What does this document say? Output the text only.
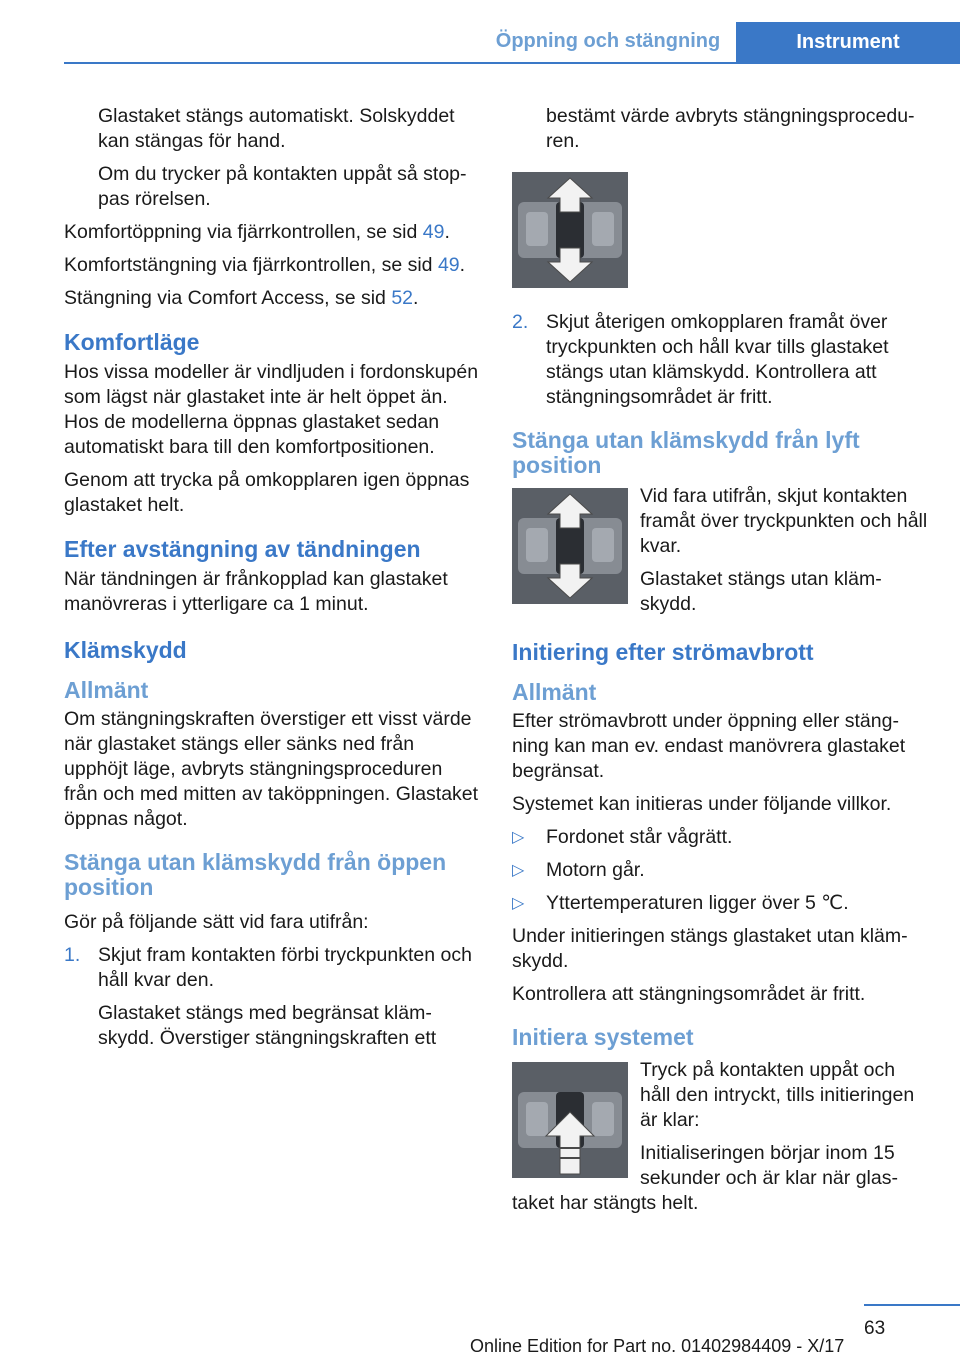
Öppning och stängning	Instrument

Glastaket stängs automatiskt. Solskyddet kan stängas för hand.

Om du trycker på kontakten uppåt så stoppas rörelsen.

Komfortöppning via fjärrkontrollen, se sid 49.

Komfortstängning via fjärrkontrollen, se sid 49.

Stängning via Comfort Access, se sid 52.

Komfortläge

Hos vissa modeller är vindljuden i fordonskupén som lägst när glastaket inte är helt öppet än. Hos de modellerna öppnas glastaket sedan automatiskt bara till den komfortpositionen.

Genom att trycka på omkopplaren igen öppnas glastaket helt.

Efter avstängning av tändningen

När tändningen är frånkopplad kan glastaket manövreras i ytterligare ca 1 minut.

Klämskydd
Allmänt

Om stängningskraften överstiger ett visst värde när glastaket stängs eller sänks ned från upphöjt läge, avbryts stängningsproceduren från och med mitten av taköppningen. Glastaket öppnas något.

Stänga utan klämskydd från öppen position

Gör på följande sätt vid fara utifrån:

1. Skjut fram kontakten förbi tryckpunkten och håll kvar den.

Glastaket stängs med begränsat klämskydd. Överstiger stängningskraften ett

bestämt värde avbryts stängningsproceduren.

2. Skjut återigen omkopplaren framåt över tryckpunkten och håll kvar tills glastaket stängs utan klämskydd. Kontrollera att stängningsområdet är fritt.
Stänga utan klämskydd från lyft position

Vid fara utifrån, skjut kontakten framåt över tryckpunkten och håll kvar.

Glastaket stängs utan klämskydd.

Initiering efter strömavbrott
Allmänt

Efter strömavbrott under öppning eller stängning kan man ev. endast manövrera glastaket begränsat.

Systemet kan initieras under följande villkor.

▷	Fordonet står vågrätt.
▷	Motorn går.
▷	Yttertemperaturen ligger över 5 ℃.

Under initieringen stängs glastaket utan klämskydd.

Kontrollera att stängningsområdet är fritt.

Initiera systemet

Tryck på kontakten uppåt och håll den intryckt, tills initieringen är klar:

Initialiseringen börjar inom 15 sekunder och är klar när glastaket har stängts helt.

63
Online Edition for Part no. 01402984409 - X/17
